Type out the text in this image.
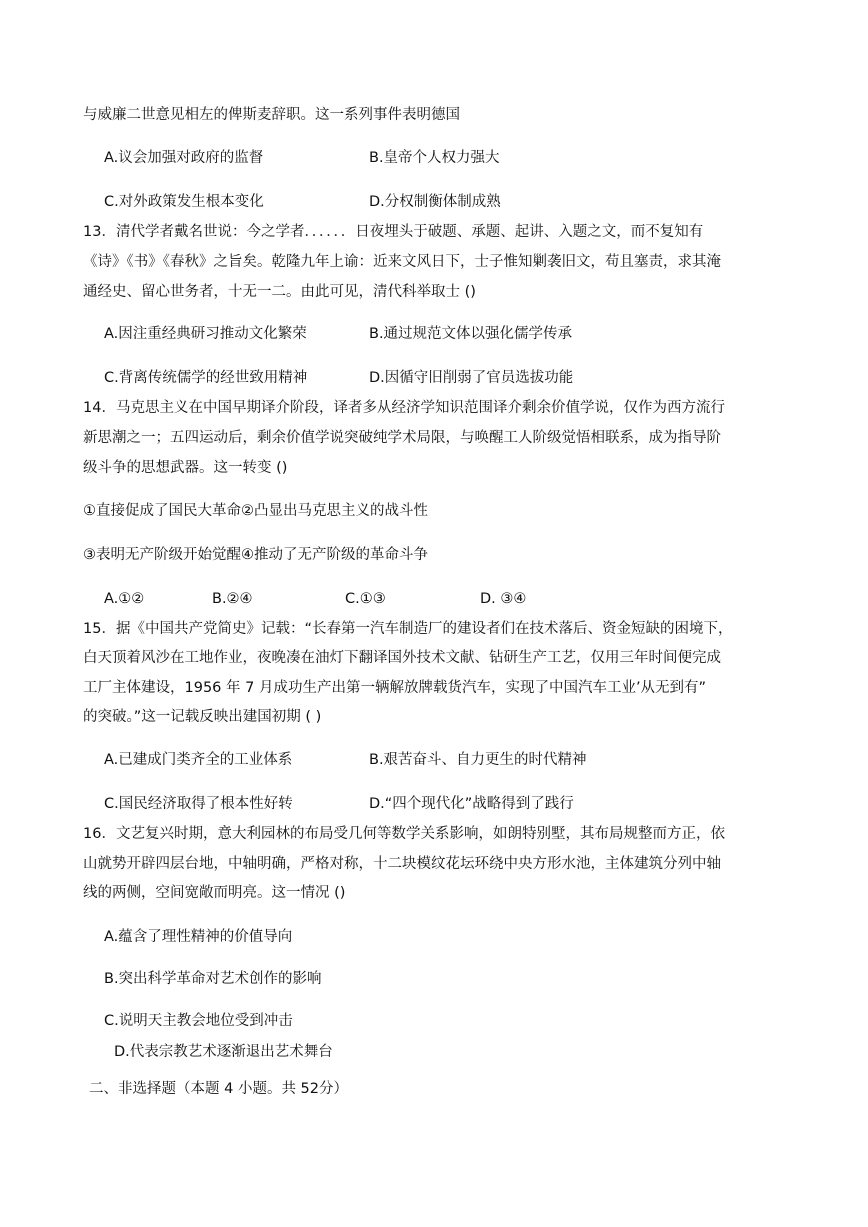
与威廉二世意见相左的俾斯麦辞职。这一系列事件表明德国
A.议会加强对政府的监督	B.皇帝个人权力强大
C.对外政策发生根本变化	D.分权制衡体制成熟
13．清代学者戴名世说：今之学者．．．．．．日夜埋头于破题、承题、起讲、入题之文，而不复知有
《诗》《书》《春秋》之旨矣。乾隆九年上谕：近来文风日下，士子惟知剿袭旧文，苟且塞责，求其淹
通经史、留心世务者，十无一二。由此可见，清代科举取士 ()
A.因注重经典研习推动文化繁荣	B.通过规范文体以强化儒学传承
C.背离传统儒学的经世致用精神	D.因循守旧削弱了官员选拔功能
14．马克思主义在中国早期译介阶段，译者多从经济学知识范围译介剩余价值学说，仅作为西方流行
新思潮之一；五四运动后，剩余价值学说突破纯学术局限，与唤醒工人阶级觉悟相联系，成为指导阶
级斗争的思想武器。这一转变 ()
①直接促成了国民大革命②凸显出马克思主义的战斗性
③表明无产阶级开始觉醒④推动了无产阶级的革命斗争
A.①②	B.②④	C.①③	D. ③④
15．据《中国共产党简史》记载：“长春第一汽车制造厂的建设者们在技术落后、资金短缺的困境下，
白天顶着风沙在工地作业，夜晚凑在油灯下翻译国外技术文献、钻研生产工艺，仅用三年时间便完成
工厂主体建设，1956 年 7 月成功生产出第一辆解放牌载货汽车，实现了中国汽车工业’从无到有”
的突破。”这一记载反映出建国初期 ( )
A.已建成门类齐全的工业体系	B.艰苦奋斗、自力更生的时代精神
C.国民经济取得了根本性好转	D.“四个现代化”战略得到了践行
16．文艺复兴时期，意大利园林的布局受几何等数学关系影响，如朗特别墅，其布局规整而方正，依
山就势开辟四层台地，中轴明确，严格对称，十二块模纹花坛环绕中央方形水池，主体建筑分列中轴
线的两侧，空间宽敞而明亮。这一情况 ()
A.蕴含了理性精神的价值导向
B.突出科学革命对艺术创作的影响
C.说明天主教会地位受到冲击
D.代表宗教艺术逐渐退出艺术舞台
二、非选择题（本题 4 小题。共 52分）
